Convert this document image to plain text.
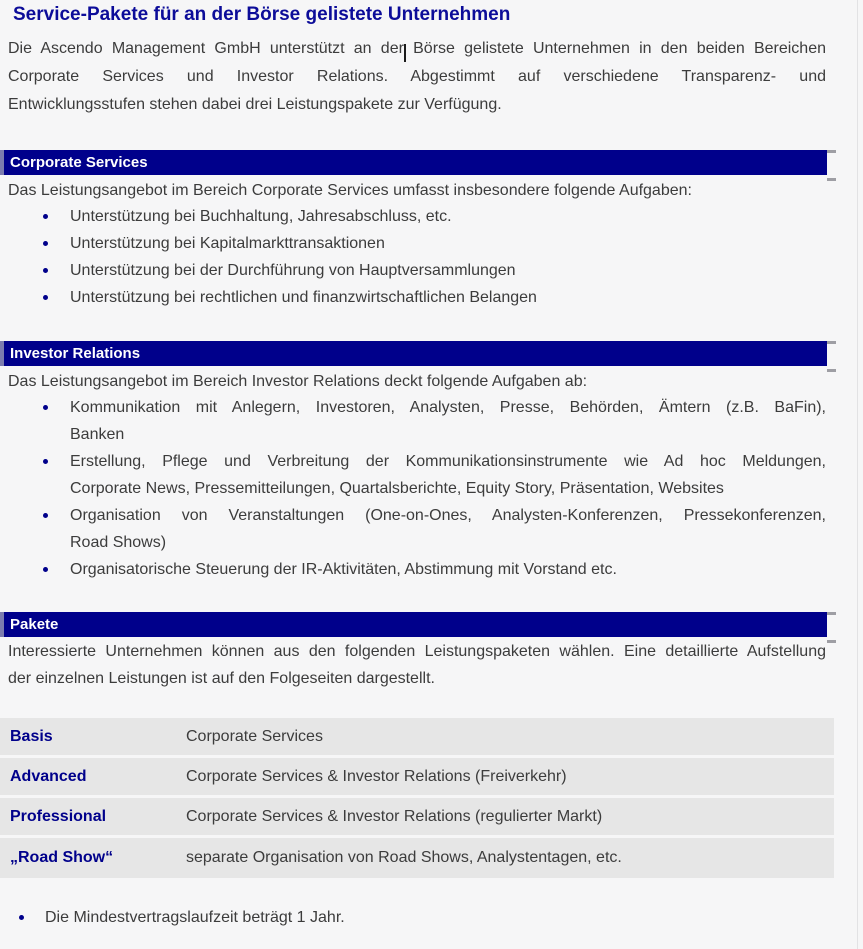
Service-Pakete für an der Börse gelistete Unternehmen
Die Ascendo Management GmbH unterstützt an der Börse gelistete Unternehmen in den beiden Bereichen
Corporate Services und Investor Relations. Abgestimmt auf verschiedene Transparenz- und
Entwicklungsstufen stehen dabei drei Leistungspakete zur Verfügung.
Corporate Services
Das Leistungsangebot im Bereich Corporate Services umfasst insbesondere folgende Aufgaben:
Unterstützung bei Buchhaltung, Jahresabschluss, etc.
Unterstützung bei Kapitalmarkttransaktionen
Unterstützung bei der Durchführung von Hauptversammlungen
Unterstützung bei rechtlichen und finanzwirtschaftlichen Belangen
Investor Relations
Das Leistungsangebot im Bereich Investor Relations deckt folgende Aufgaben ab:
Kommunikation mit Anlegern, Investoren, Analysten, Presse, Behörden, Ämtern (z.B. BaFin),
Banken
Erstellung, Pflege und Verbreitung der Kommunikationsinstrumente wie Ad hoc Meldungen,
Corporate News, Pressemitteilungen, Quartalsberichte, Equity Story, Präsentation, Websites
Organisation von Veranstaltungen (One-on-Ones, Analysten-Konferenzen, Pressekonferenzen,
Road Shows)
Organisatorische Steuerung der IR-Aktivitäten, Abstimmung mit Vorstand etc.
Pakete
Interessierte Unternehmen können aus den folgenden Leistungspaketen wählen. Eine detaillierte Aufstellung
der einzelnen Leistungen ist auf den Folgeseiten dargestellt.
Basis	Corporate Services
Advanced	Corporate Services & Investor Relations (Freiverkehr)
Professional	Corporate Services & Investor Relations (regulierter Markt)
„Road Show“	separate Organisation von Road Shows, Analystentagen, etc.
Die Mindestvertragslaufzeit beträgt 1 Jahr.
